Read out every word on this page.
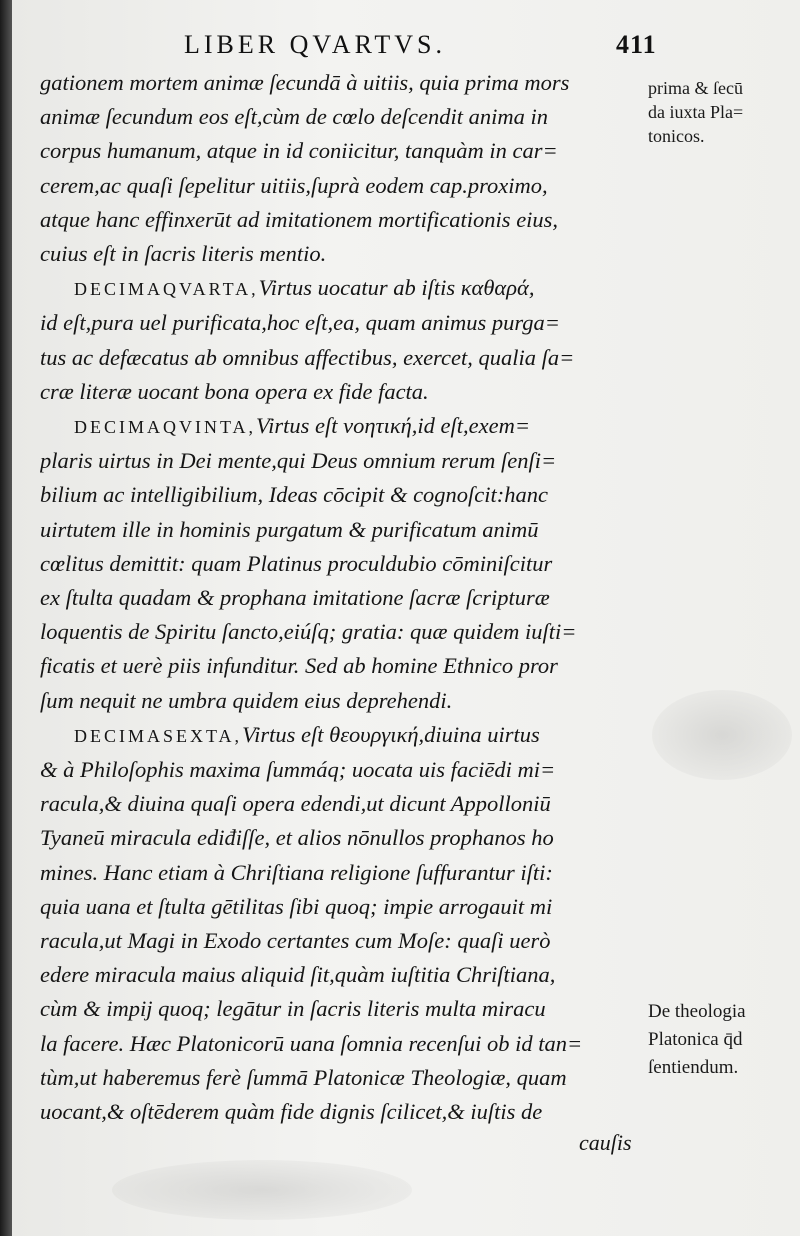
LIBER QVARTVS.	411

gationem mortem animæ ſecundā à uitiis, quia prima mors
animæ ſecundum eos eſt,cùm de cœlo deſcendit anima in
corpus humanum, atque in id coniicitur, tanquàm in car=
cerem,ac quaſi ſepelitur uitiis,ſuprà eodem cap.proximo,
atque hanc effinxerūt ad imitationem mortificationis eius,
cuius eſt in ſacris literis mentio.

DECIMAQVARTA,Virtus uocatur ab iſtis καθαρά,
id eſt,pura uel purificata,hoc eſt,ea, quam animus purga=
tus ac defæcatus ab omnibus affectibus, exercet, qualia ſa=
cræ literæ uocant bona opera ex fide facta.

DECIMAQVINTA,Virtus eſt νοητική,id eſt,exem=
plaris uirtus in Dei mente,qui Deus omnium rerum ſenſi=
bilium ac intelligibilium, Ideas cōcipit & cognoſcit:hanc
uirtutem ille in hominis purgatum & purificatum animū
cœlitus demittit: quam Platinus proculdubio cōminiſcitur
ex ſtulta quadam & prophana imitatione ſacræ ſcripturæ
loquentis de Spiritu ſancto,eiúſq; gratia: quæ quidem iuſti=
ficatis et uerè piis infunditur. Sed ab homine Ethnico pror
ſum nequit ne umbra quidem eius deprehendi.

DECIMASEXTA,Virtus eſt θεουργική,diuina uirtus
& à Philoſophis maxima ſummáq; uocata uis faciēdi mi=
racula,& diuina quaſi opera edendi,ut dicunt Appolloniū
Tyaneū miracula ediđiſſe, et alios nōnullos prophanos ho
mines. Hanc etiam à Chriſtiana religione ſuffurantur iſti:
quia uana et ſtulta gētilitas ſibi quoq; impie arrogauit mi
racula,ut Magi in Exodo certantes cum Moſe: quaſi uerò
edere miracula maius aliquid ſit,quàm iuſtitia Chriſtiana,
cùm & impij quoq; legātur in ſacris literis multa miracu
la facere. Hæc Platonicorū uana ſomnia recenſui ob id tan=
tùm,ut haberemus ferè ſummā Platonicæ Theologiæ, quam
uocant,& oſtēderem quàm fide dignis ſcilicet,& iuſtis de

cauſis
prima & ſecū
da iuxta Pla=
tonicos.
De theologia
Platonica q̄d
ſentiendum.
